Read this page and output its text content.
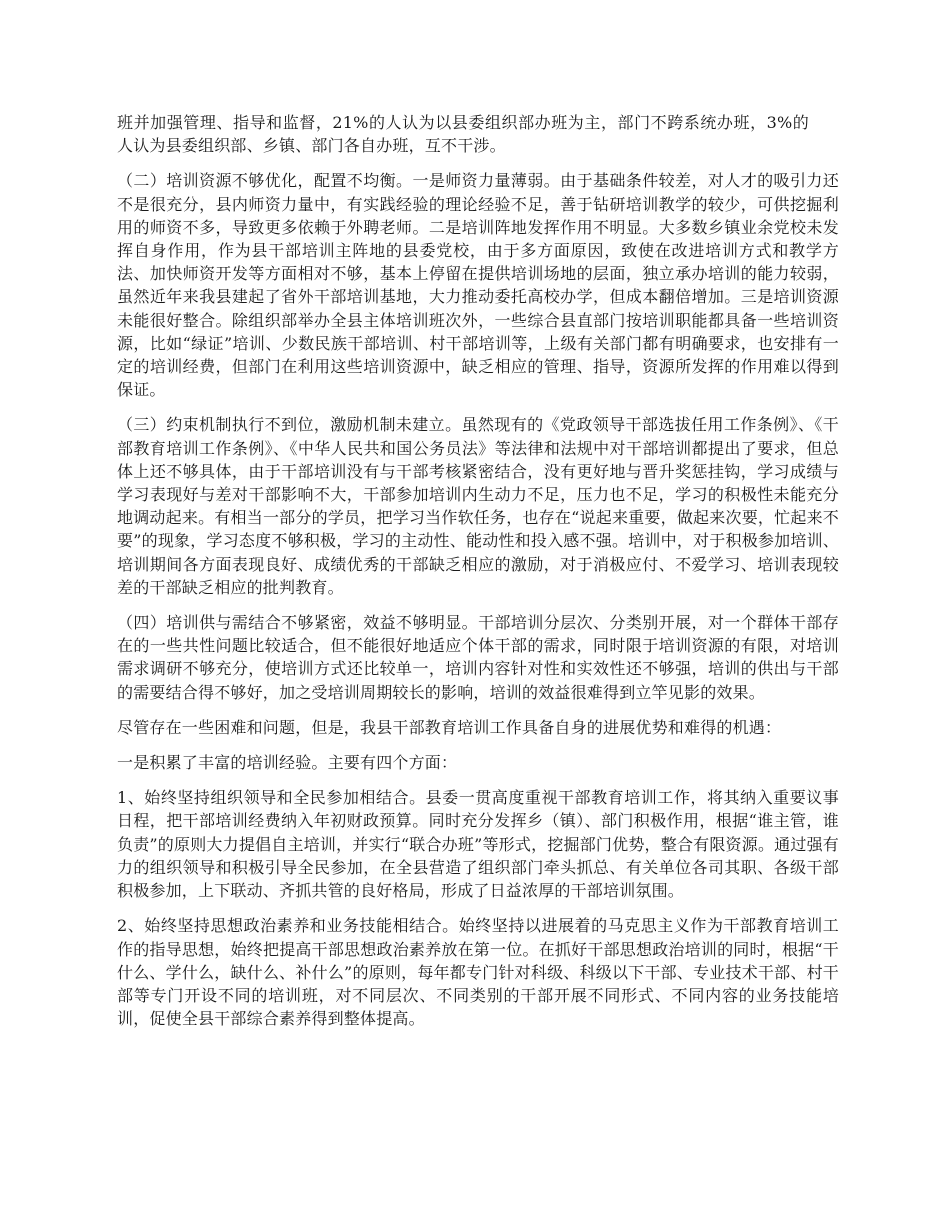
班并加强管理、指导和监督，21%的人认为以县委组织部办班为主，部门不跨系统办班，3%的人认为县委组织部、乡镇、部门各自办班，互不干涉。

（二）培训资源不够优化，配置不均衡。一是师资力量薄弱。由于基础条件较差，对人才的吸引力还不是很充分，县内师资力量中，有实践经验的理论经验不足，善于钻研培训教学的较少，可供挖掘利用的师资不多，导致更多依赖于外聘老师。二是培训阵地发挥作用不明显。大多数乡镇业余党校未发挥自身作用，作为县干部培训主阵地的县委党校，由于多方面原因，致使在改进培训方式和教学方法、加快师资开发等方面相对不够，基本上停留在提供培训场地的层面，独立承办培训的能力较弱，虽然近年来我县建起了省外干部培训基地，大力推动委托高校办学，但成本翻倍增加。三是培训资源未能很好整合。除组织部举办全县主体培训班次外，一些综合县直部门按培训职能都具备一些培训资源，比如“绿证”培训、少数民族干部培训、村干部培训等，上级有关部门都有明确要求，也安排有一定的培训经费，但部门在利用这些培训资源中，缺乏相应的管理、指导，资源所发挥的作用难以得到保证。

（三）约束机制执行不到位，激励机制未建立。虽然现有的《党政领导干部选拔任用工作条例》、《干部教育培训工作条例》、《中华人民共和国公务员法》等法律和法规中对干部培训都提出了要求，但总体上还不够具体，由于干部培训没有与干部考核紧密结合，没有更好地与晋升奖惩挂钩，学习成绩与学习表现好与差对干部影响不大，干部参加培训内生动力不足，压力也不足，学习的积极性未能充分地调动起来。有相当一部分的学员，把学习当作软任务，也存在“说起来重要，做起来次要，忙起来不要”的现象，学习态度不够积极，学习的主动性、能动性和投入感不强。培训中，对于积极参加培训、培训期间各方面表现良好、成绩优秀的干部缺乏相应的激励，对于消极应付、不爱学习、培训表现较差的干部缺乏相应的批判教育。

（四）培训供与需结合不够紧密，效益不够明显。干部培训分层次、分类别开展，对一个群体干部存在的一些共性问题比较适合，但不能很好地适应个体干部的需求，同时限于培训资源的有限，对培训需求调研不够充分，使培训方式还比较单一，培训内容针对性和实效性还不够强，培训的供出与干部的需要结合得不够好，加之受培训周期较长的影响，培训的效益很难得到立竿见影的效果。

尽管存在一些困难和问题，但是，我县干部教育培训工作具备自身的进展优势和难得的机遇：

一是积累了丰富的培训经验。主要有四个方面：

1、始终坚持组织领导和全民参加相结合。县委一贯高度重视干部教育培训工作，将其纳入重要议事日程，把干部培训经费纳入年初财政预算。同时充分发挥乡（镇）、部门积极作用，根据“谁主管，谁负责”的原则大力提倡自主培训，并实行“联合办班”等形式，挖掘部门优势，整合有限资源。通过强有力的组织领导和积极引导全民参加，在全县营造了组织部门牵头抓总、有关单位各司其职、各级干部积极参加，上下联动、齐抓共管的良好格局，形成了日益浓厚的干部培训氛围。

2、始终坚持思想政治素养和业务技能相结合。始终坚持以进展着的马克思主义作为干部教育培训工作的指导思想，始终把提高干部思想政治素养放在第一位。在抓好干部思想政治培训的同时，根据“干什么、学什么，缺什么、补什么”的原则，每年都专门针对科级、科级以下干部、专业技术干部、村干部等专门开设不同的培训班，对不同层次、不同类别的干部开展不同形式、不同内容的业务技能培训，促使全县干部综合素养得到整体提高。
